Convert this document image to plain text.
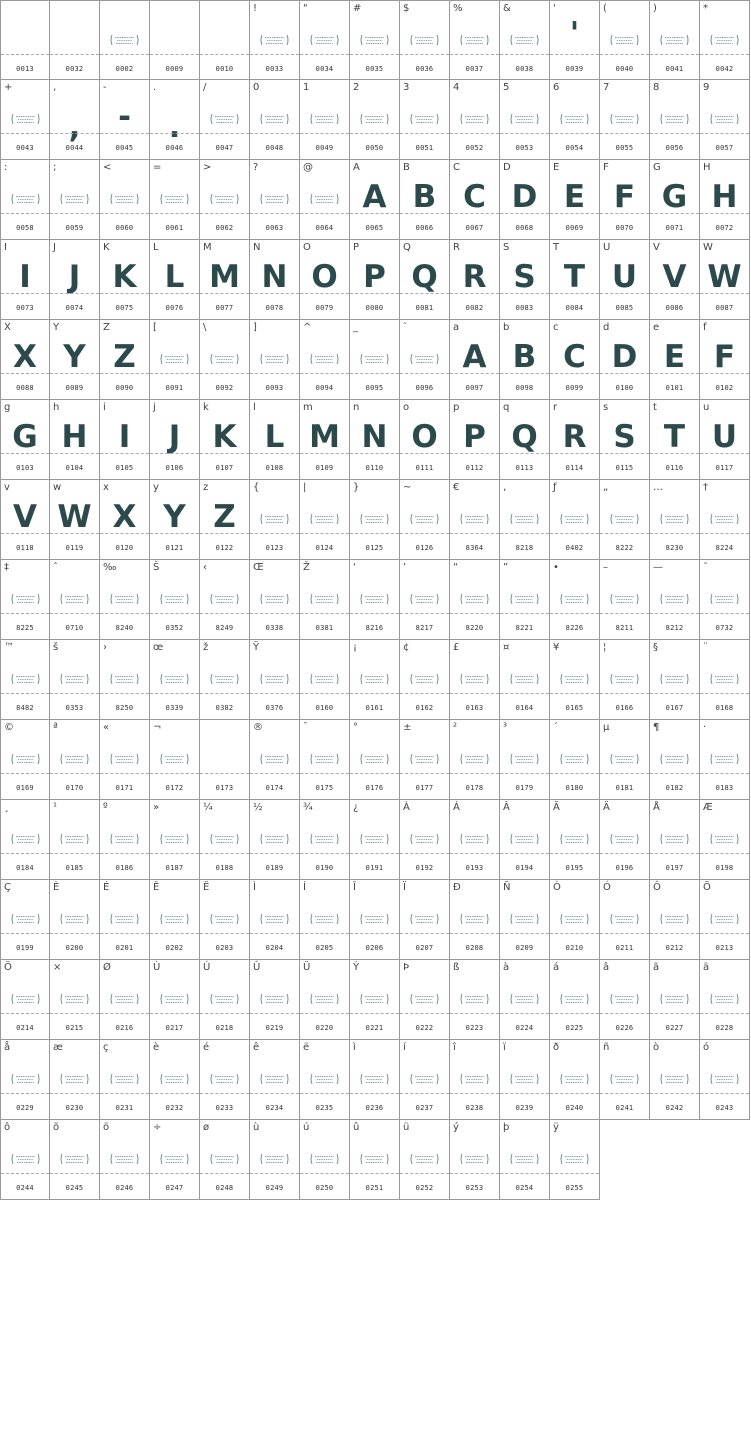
0013	0032	0002	0009	0010
!
0033
"
0034
#
0035
$
0036
%
0037
&
0038
'
'
0039
(
0040
)
0041
*
0042
+
0043
,
,
0044
-
-
0045
.
.
0046
/
0047
0
0048
1
0049
2
0050
3
0051
4
0052
5
0053
6
0054
7
0055
8
0056
9
0057
:
0058
;
0059
<
0060
=
0061
>
0062
?
0063
@
0064
A
A
0065
B
B
0066
C
C
0067
D
D
0068
E
E
0069
F
F
0070
G
G
0071
H
H
0072
I
I
0073
J
J
0074
K
K
0075
L
L
0076
M
M
0077
N
N
0078
O
O
0079
P
P
0080
Q
Q
0081
R
R
0082
S
S
0083
T
T
0084
U
U
0085
V
V
0086
W
W
0087
X
X
0088
Y
Y
0089
Z
Z
0090
[
0091
\
0092
]
0093
^
0094
_
0095
`
0096
a
A
0097
b
B
0098
c
C
0099
d
D
0100
e
E
0101
f
F
0102
g
G
0103
h
H
0104
i
I
0105
j
J
0106
k
K
0107
l
L
0108
m
M
0109
n
N
0110
o
O
0111
p
P
0112
q
Q
0113
r
R
0114
s
S
0115
t
T
0116
u
U
0117
v
V
0118
w
W
0119
x
X
0120
y
Y
0121
z
Z
0122
{
0123
|
0124
}
0125
~
0126
€
8364
‚
8218
ƒ
0402
„
8222
…
8230
†
8224
‡
8225
ˆ
0710
‰
8240
Š
0352
‹
8249
Œ
0338
Ž
0381
‘
8216
’
8217
“
8220
”
8221
•
8226
–
8211
—
8212
˜
0732
™
8482
š
0353
›
8250
œ
0339
ž
0382
Ÿ
0376	0160
¡
0161
¢
0162
£
0163
¤
0164
¥
0165
¦
0166
§
0167
¨
0168
©
0169
ª
0170
«
0171
¬
0172	0173
®
0174
¯
0175
°
0176
±
0177
²
0178
³
0179
´
0180
µ
0181
¶
0182
·
0183
¸
0184
¹
0185
º
0186
»
0187
¼
0188
½
0189
¾
0190
¿
0191
À
0192
Á
0193
Â
0194
Ã
0195
Ä
0196
Å
0197
Æ
0198
Ç
0199
È
0200
É
0201
Ê
0202
Ë
0203
Ì
0204
Í
0205
Î
0206
Ï
0207
Ð
0208
Ñ
0209
Ò
0210
Ó
0211
Ô
0212
Õ
0213
Ö
0214
×
0215
Ø
0216
Ù
0217
Ú
0218
Û
0219
Ü
0220
Ý
0221
Þ
0222
ß
0223
à
0224
á
0225
â
0226
ã
0227
ä
0228
å
0229
æ
0230
ç
0231
è
0232
é
0233
ê
0234
ë
0235
ì
0236
í
0237
î
0238
ï
0239
ð
0240
ñ
0241
ò
0242
ó
0243
ô
0244
õ
0245
ö
0246
÷
0247
ø
0248
ù
0249
ú
0250
û
0251
ü
0252
ý
0253
þ
0254
ÿ
0255
